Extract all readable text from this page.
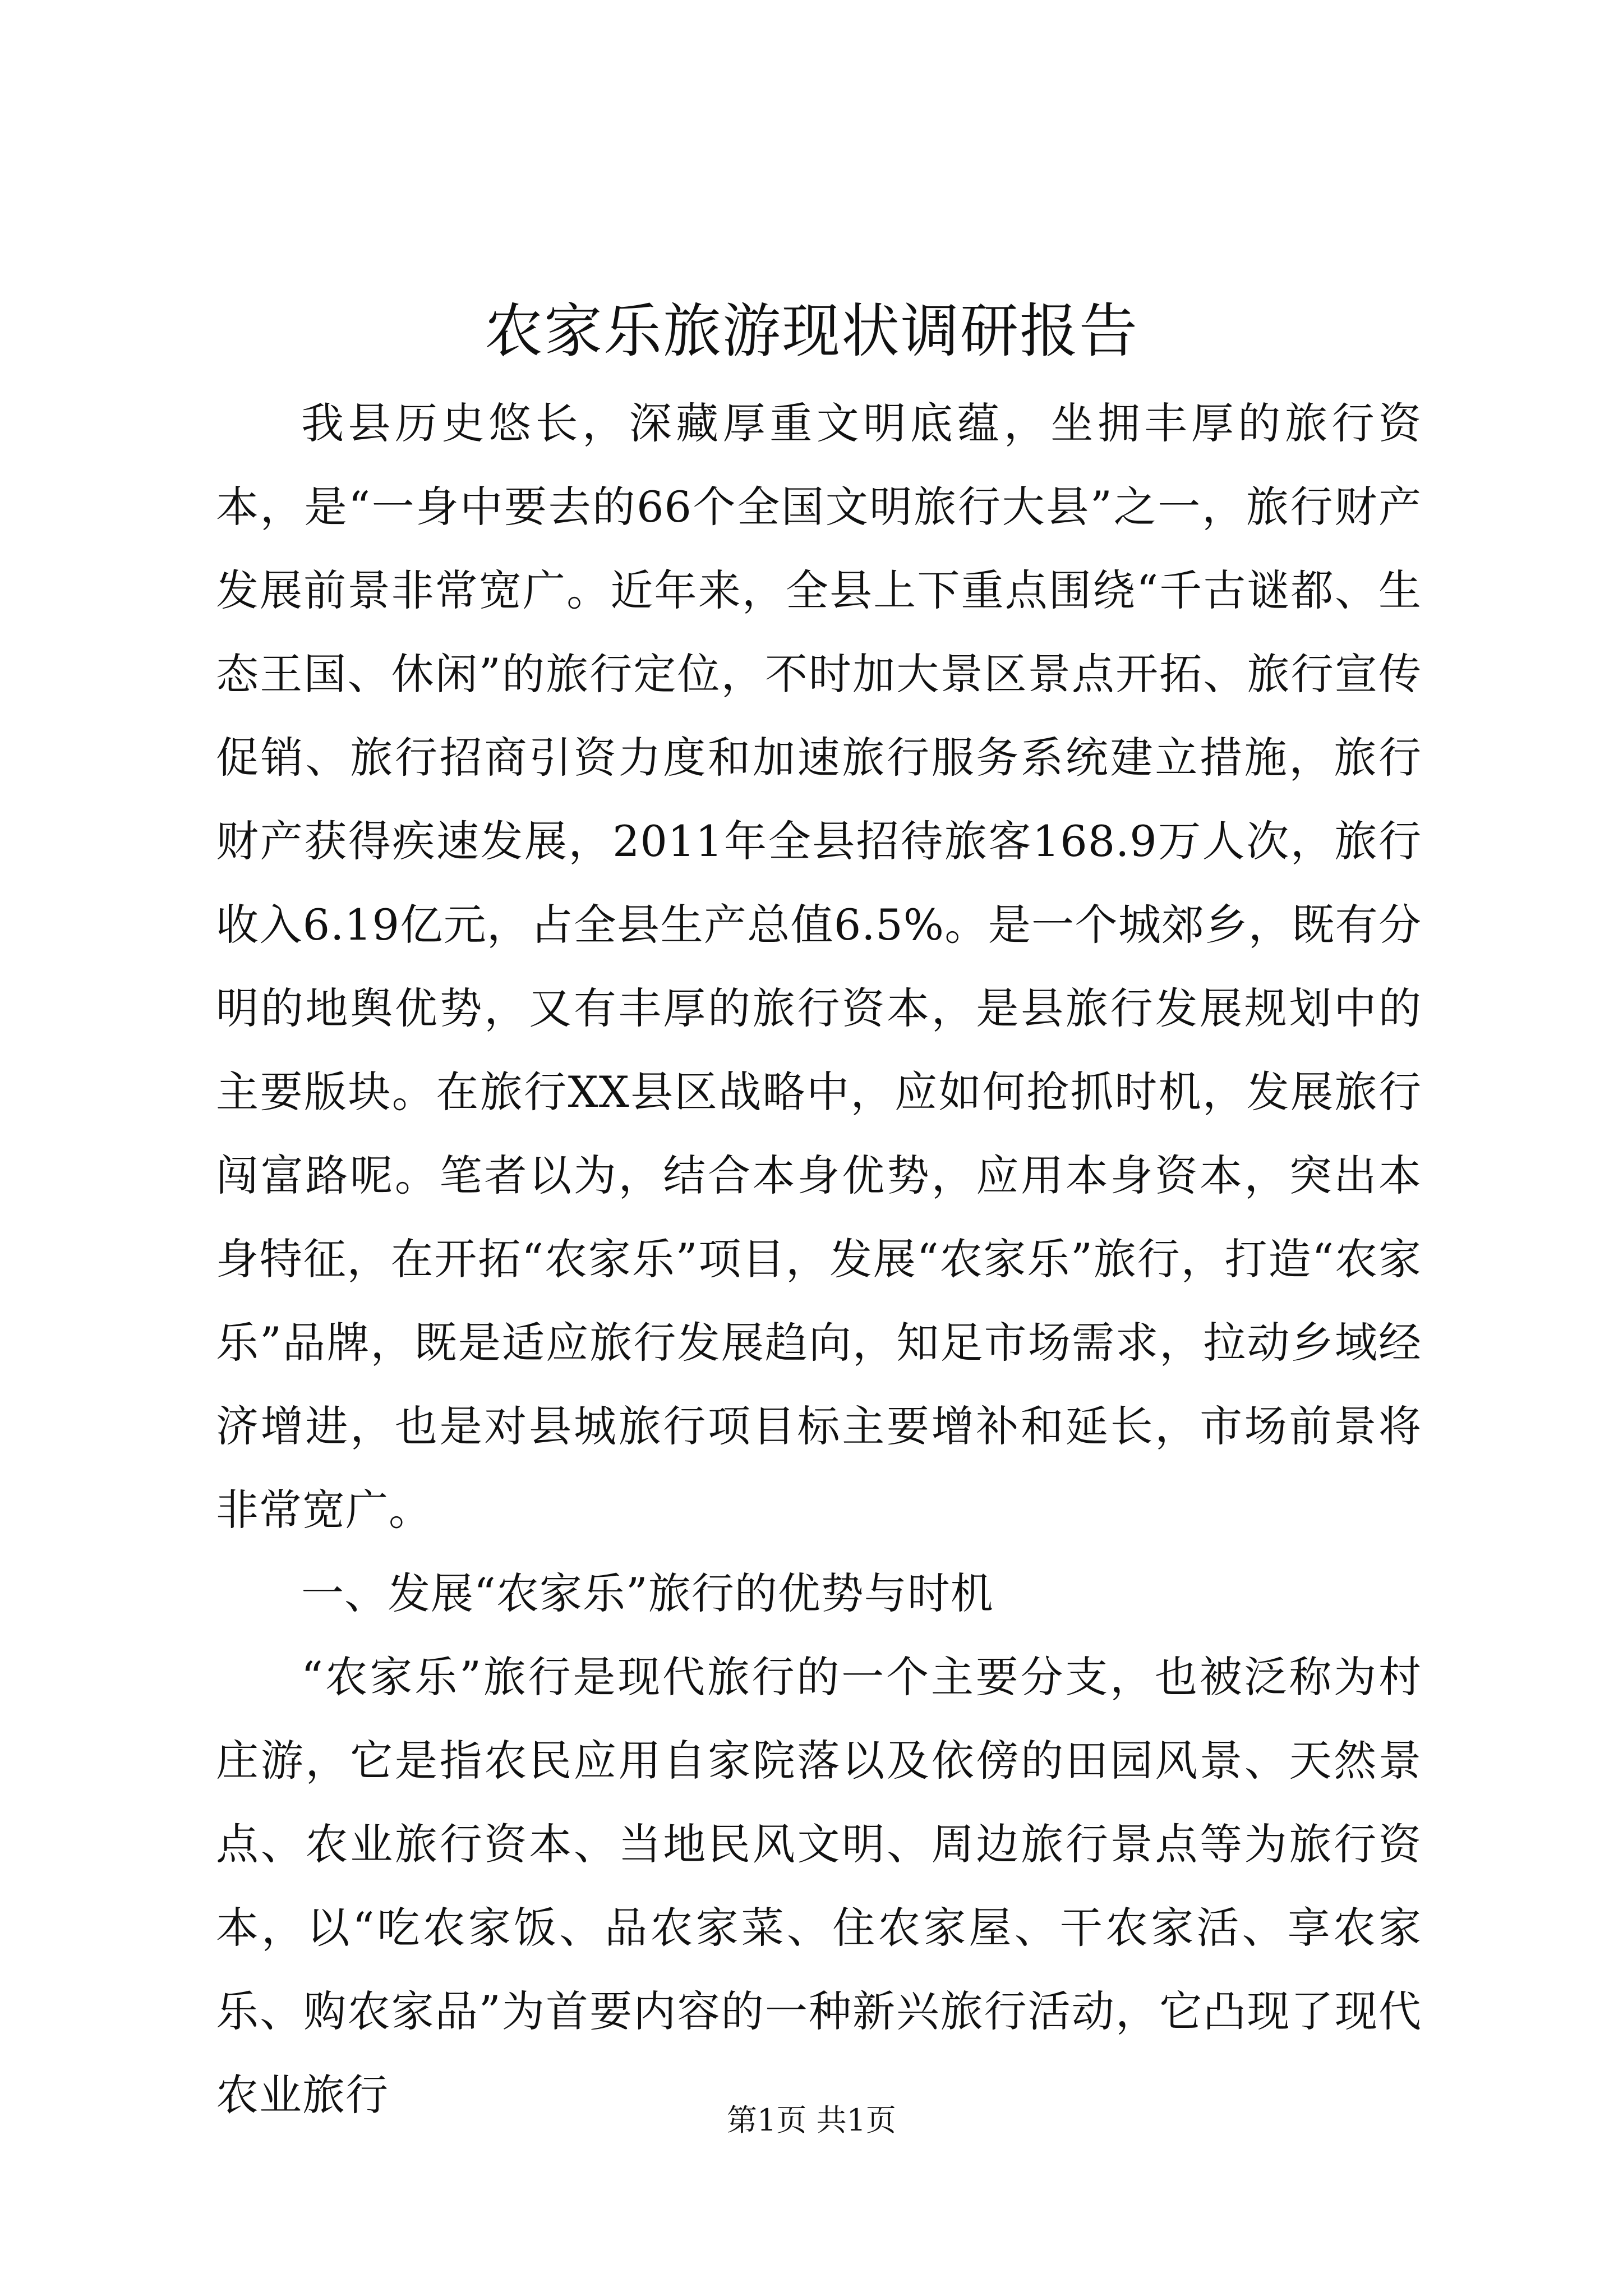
农家乐旅游现状调研报告

我县历史悠长，深藏厚重文明底蕴，坐拥丰厚的旅行资本，是“一身中要去的66个全国文明旅行大县”之一，旅行财产发展前景非常宽广。近年来，全县上下重点围绕“千古谜都、生态王国、休闲”的旅行定位，不时加大景区景点开拓、旅行宣传促销、旅行招商引资力度和加速旅行服务系统建立措施，旅行财产获得疾速发展，2011年全县招待旅客168.9万人次，旅行收入6.19亿元，占全县生产总值6.5%。是一个城郊乡，既有分明的地舆优势，又有丰厚的旅行资本，是县旅行发展规划中的主要版块。在旅行XX县区战略中，应如何抢抓时机，发展旅行闯富路呢。笔者以为，结合本身优势，应用本身资本，突出本身特征，在开拓“农家乐”项目，发展“农家乐”旅行，打造“农家乐”品牌，既是适应旅行发展趋向，知足市场需求，拉动乡域经济增进，也是对县城旅行项目标主要增补和延长，市场前景将非常宽广。

一、发展“农家乐”旅行的优势与时机

“农家乐”旅行是现代旅行的一个主要分支，也被泛称为村庄游，它是指农民应用自家院落以及依傍的田园风景、天然景点、农业旅行资本、当地民风文明、周边旅行景点等为旅行资本，以“吃农家饭、品农家菜、住农家屋、干农家活、享农家乐、购农家品”为首要内容的一种新兴旅行活动，它凸现了现代农业旅行

第1页 共1页
